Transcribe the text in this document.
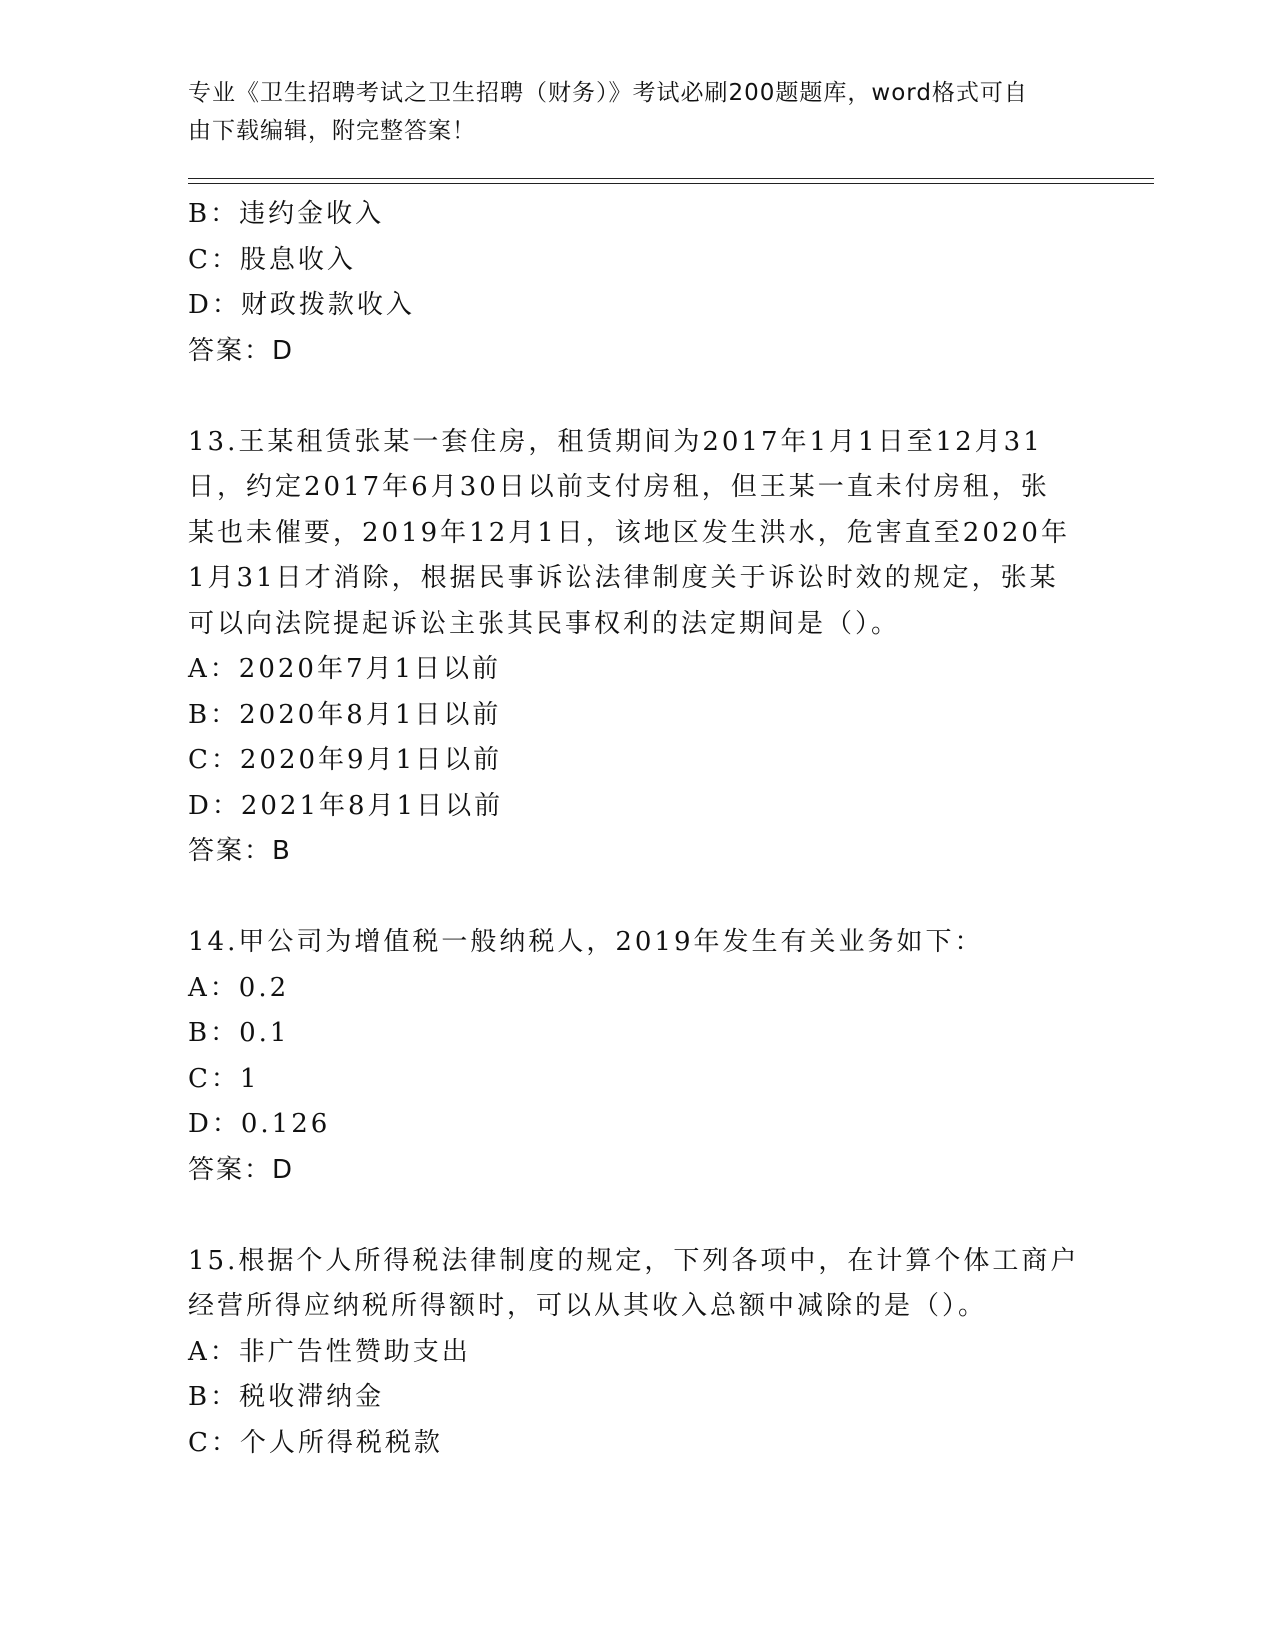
专业《卫生招聘考试之卫生招聘（财务）》考试必刷200题题库，word格式可自
由下载编辑，附完整答案！
B：违约金收入
C：股息收入
D：财政拨款收入
答案：D
13.王某租赁张某一套住房，租赁期间为2017年1月1日至12月31
日，约定2017年6月30日以前支付房租，但王某一直未付房租，张
某也未催要，2019年12月1日，该地区发生洪水，危害直至2020年
1月31日才消除，根据民事诉讼法律制度关于诉讼时效的规定，张某
可以向法院提起诉讼主张其民事权利的法定期间是（）。
A：2020年7月1日以前
B：2020年8月1日以前
C：2020年9月1日以前
D：2021年8月1日以前
答案：B
14.甲公司为增值税一般纳税人，2019年发生有关业务如下：
A：0.2
B：0.1
C：1
D：0.126
答案：D
15.根据个人所得税法律制度的规定，下列各项中，在计算个体工商户
经营所得应纳税所得额时，可以从其收入总额中减除的是（）。
A：非广告性赞助支出
B：税收滞纳金
C：个人所得税税款
